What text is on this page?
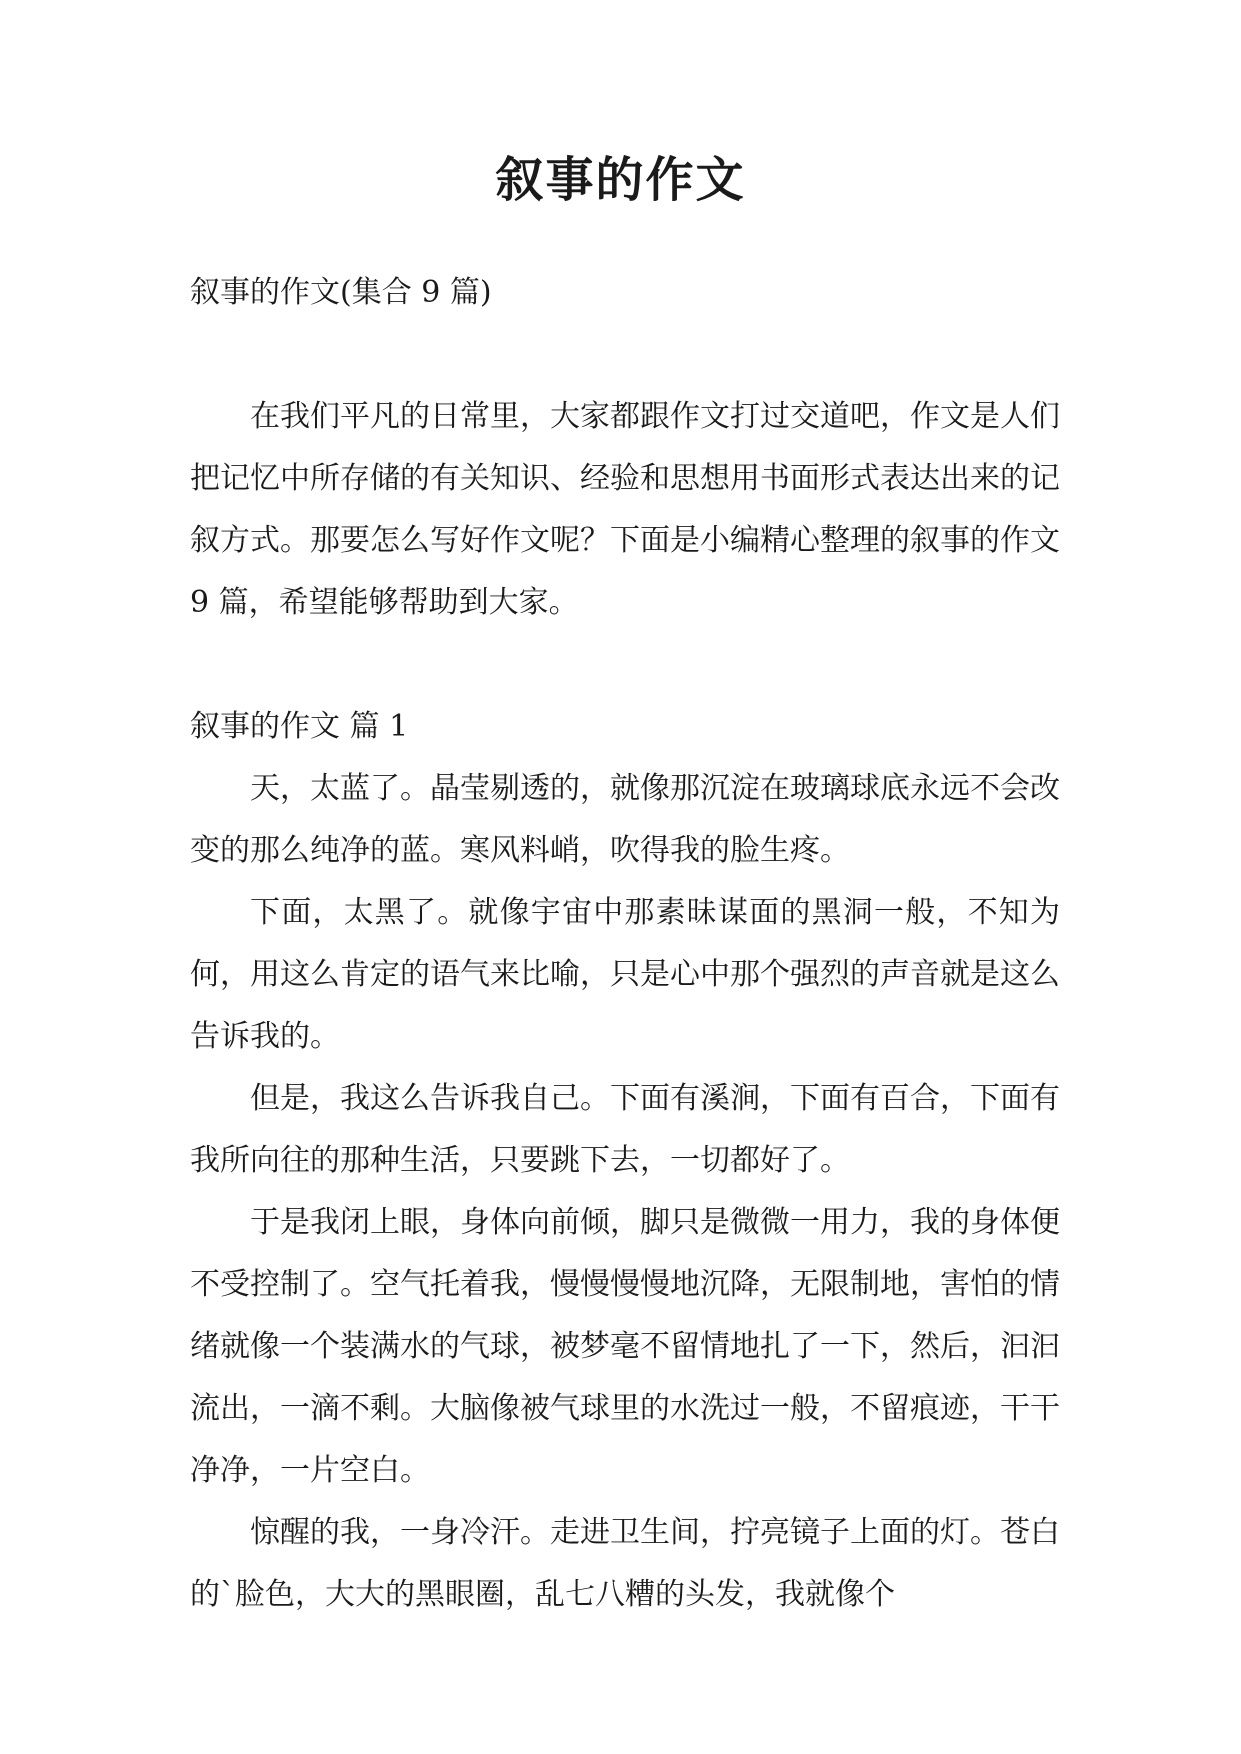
叙事的作文

叙事的作文(集合 9 篇)

在我们平凡的日常里，大家都跟作文打过交道吧，作文是人们把记忆中所存储的有关知识、经验和思想用书面形式表达出来的记叙方式。那要怎么写好作文呢？下面是小编精心整理的叙事的作文 9 篇，希望能够帮助到大家。

叙事的作文 篇 1

天，太蓝了。晶莹剔透的，就像那沉淀在玻璃球底永远不会改变的那么纯净的蓝。寒风料峭，吹得我的脸生疼。

下面，太黑了。就像宇宙中那素昧谋面的黑洞一般，不知为何，用这么肯定的语气来比喻，只是心中那个强烈的声音就是这么告诉我的。

但是，我这么告诉我自己。下面有溪涧，下面有百合，下面有我所向往的那种生活，只要跳下去，一切都好了。

于是我闭上眼，身体向前倾，脚只是微微一用力，我的身体便不受控制了。空气托着我，慢慢慢慢地沉降，无限制地，害怕的情绪就像一个装满水的气球，被梦毫不留情地扎了一下，然后，汩汩流出，一滴不剩。大脑像被气球里的水洗过一般，不留痕迹，干干净净，一片空白。

惊醒的我，一身冷汗。走进卫生间，拧亮镜子上面的灯。苍白的`脸色，大大的黑眼圈，乱七八糟的头发，我就像个
